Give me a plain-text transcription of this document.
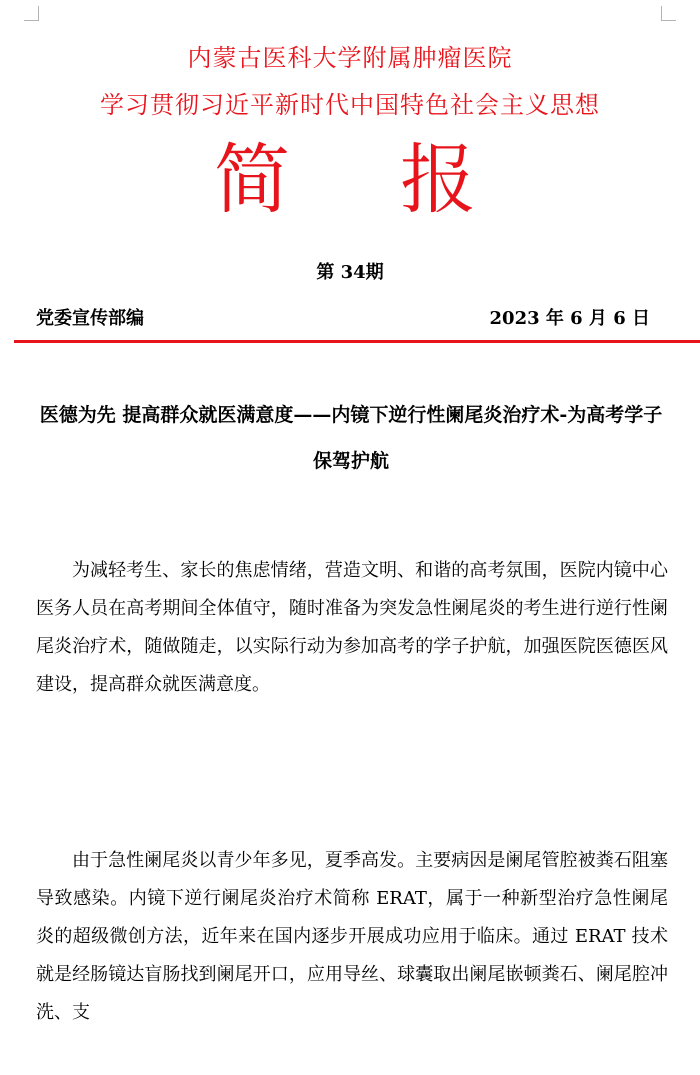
内蒙古医科大学附属肿瘤医院
学习贯彻习近平新时代中国特色社会主义思想
简报
第 34期
党委宣传部编	2023 年 6 月 6 日
医德为先 提高群众就医满意度——内镜下逆行性阑尾炎治疗术-为高考学子保驾护航
为减轻考生、家长的焦虑情绪，营造文明、和谐的高考氛围，医院内镜中心医务人员在高考期间全体值守，随时准备为突发急性阑尾炎的考生进行逆行性阑尾炎治疗术，随做随走，以实际行动为参加高考的学子护航，加强医院医德医风建设，提高群众就医满意度。
由于急性阑尾炎以青少年多见，夏季高发。主要病因是阑尾管腔被粪石阻塞导致感染。内镜下逆行阑尾炎治疗术简称 ERAT，属于一种新型治疗急性阑尾炎的超级微创方法，近年来在国内逐步开展成功应用于临床。通过 ERAT 技术就是经肠镜达盲肠找到阑尾开口，应用导丝、球囊取出阑尾嵌顿粪石、阑尾腔冲洗、支
